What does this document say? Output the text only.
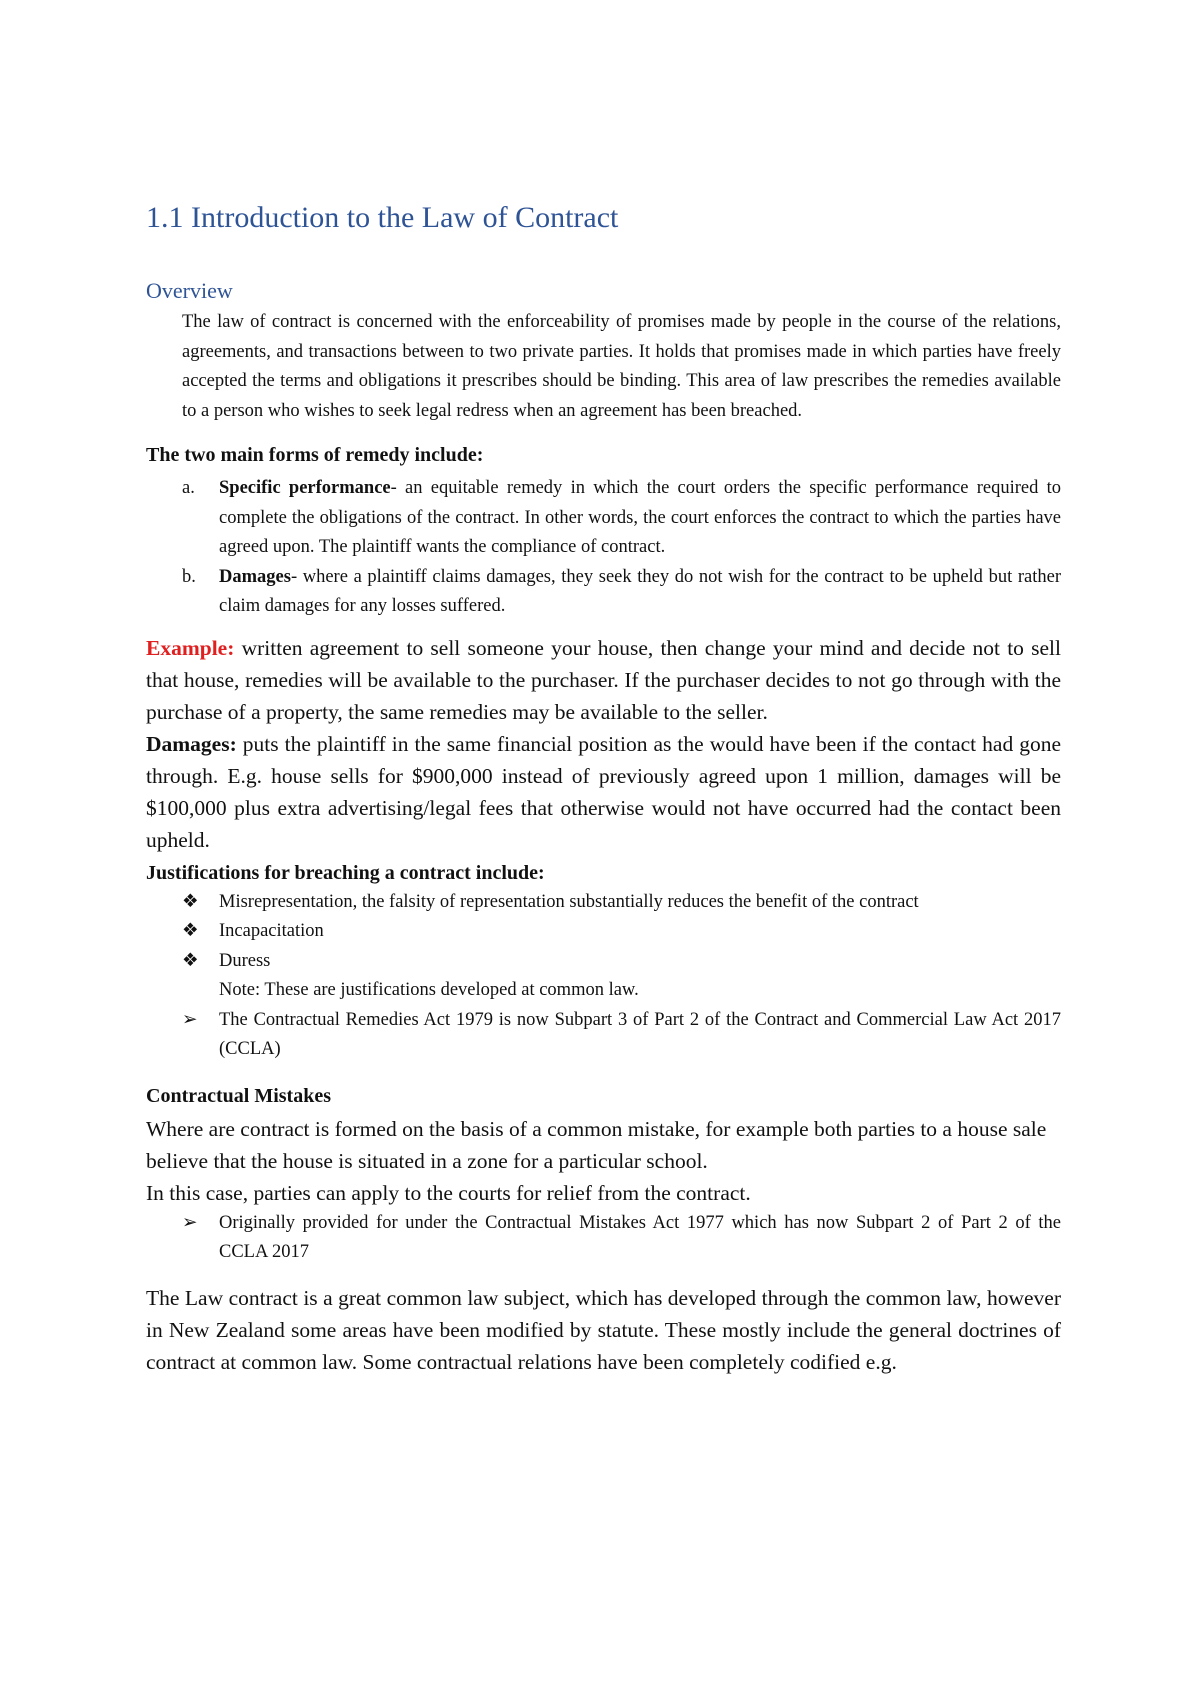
1.1 Introduction to the Law of Contract
Overview

The law of contract is concerned with the enforceability of promises made by people in the course of the relations, agreements, and transactions between to two private parties. It holds that promises made in which parties have freely accepted the terms and obligations it prescribes should be binding. This area of law prescribes the remedies available to a person who wishes to seek legal redress when an agreement has been breached.

The two main forms of remedy include:
a. Specific performance- an equitable remedy in which the court orders the specific performance required to complete the obligations of the contract. In other words, the court enforces the contract to which the parties have agreed upon. The plaintiff wants the compliance of contract.
b. Damages- where a plaintiff claims damages, they seek they do not wish for the contract to be upheld but rather claim damages for any losses suffered.

Example: written agreement to sell someone your house, then change your mind and decide not to sell that house, remedies will be available to the purchaser. If the purchaser decides to not go through with the purchase of a property, the same remedies may be available to the seller.

Damages: puts the plaintiff in the same financial position as the would have been if the contact had gone through. E.g. house sells for $900,000 instead of previously agreed upon 1 million, damages will be $100,000 plus extra advertising/legal fees that otherwise would not have occurred had the contact been upheld.

Justifications for breaching a contract include:
❖ Misrepresentation, the falsity of representation substantially reduces the benefit of the contract
❖ Incapacitation
❖ Duress
Note: These are justifications developed at common law.
➢ The Contractual Remedies Act 1979 is now Subpart 3 of Part 2 of the Contract and Commercial Law Act 2017 (CCLA)
Contractual Mistakes

Where are contract is formed on the basis of a common mistake, for example both parties to a house sale believe that the house is situated in a zone for a particular school.

In this case, parties can apply to the courts for relief from the contract.

➢ Originally provided for under the Contractual Mistakes Act 1977 which has now Subpart 2 of Part 2 of the CCLA 2017

The Law contract is a great common law subject, which has developed through the common law, however in New Zealand some areas have been modified by statute. These mostly include the general doctrines of contract at common law. Some contractual relations have been completely codified e.g.
